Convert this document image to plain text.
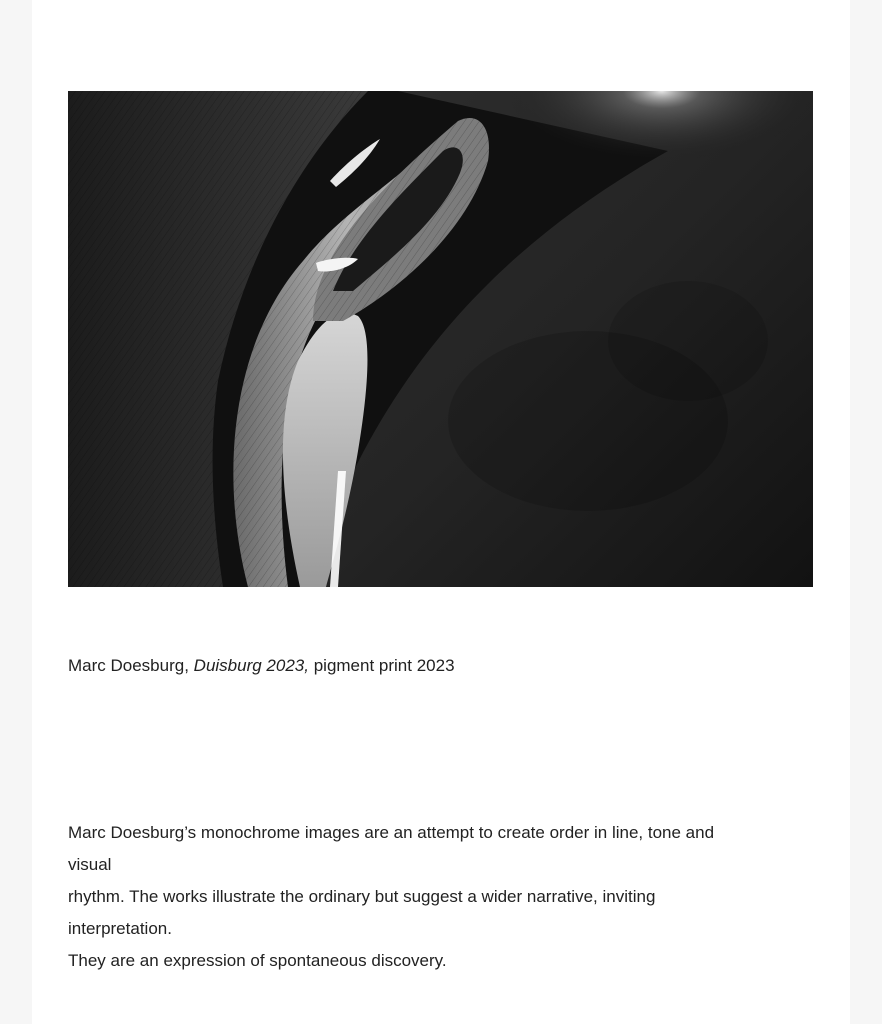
Marc Doesburg, Duisburg 2023, pigment print 2023

Marc Doesburg’s monochrome images are an attempt to create order in line, tone and

visual

rhythm. The works illustrate the ordinary but suggest a wider narrative, inviting

interpretation.

They are an expression of spontaneous discovery.
